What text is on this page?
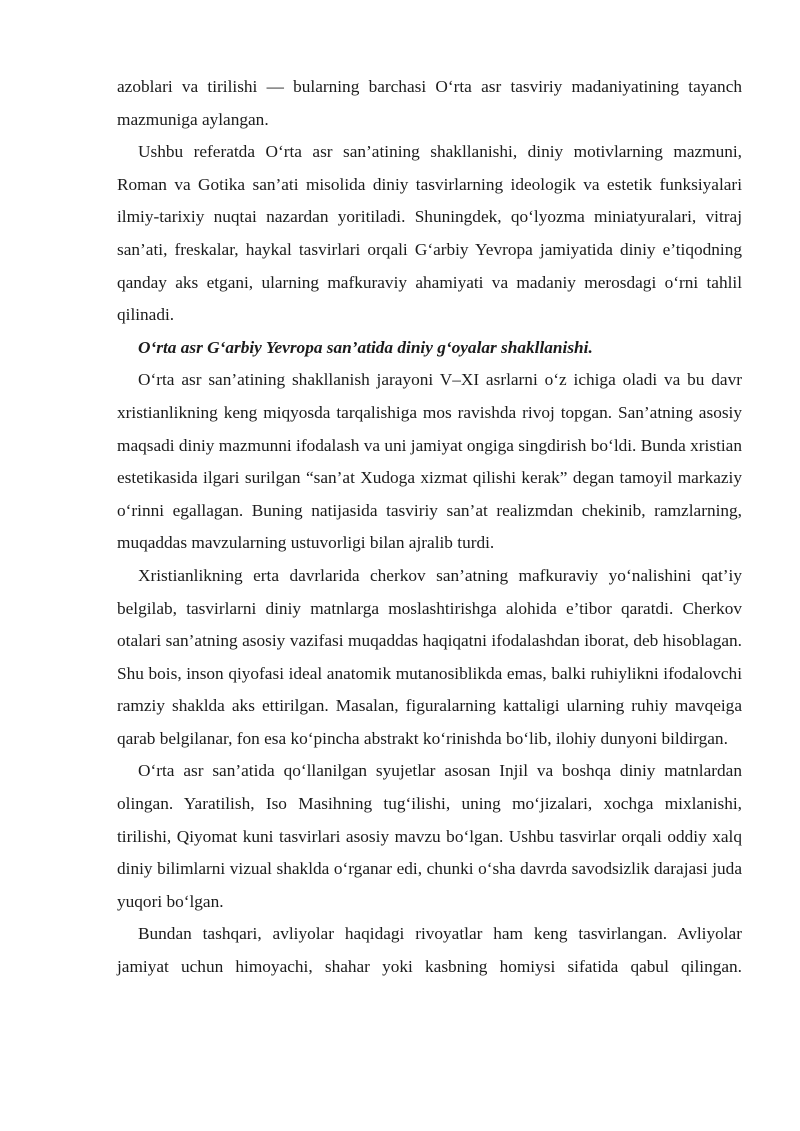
azoblari va tirilishi — bularning barchasi O‘rta asr tasviriy madaniyatining tayanch mazmuniga aylangan.

Ushbu referatda O‘rta asr san’atining shakllanishi, diniy motivlarning mazmuni, Roman va Gotika san’ati misolida diniy tasvirlarning ideologik va estetik funksiyalari ilmiy-tarixiy nuqtai nazardan yoritiladi. Shuningdek, qo‘lyozma miniatyuralari, vitraj san’ati, freskalar, haykal tasvirlari orqali G‘arbiy Yevropa jamiyatida diniy e’tiqodning qanday aks etgani, ularning mafkuraviy ahamiyati va madaniy merosdagi o‘rni tahlil qilinadi.

O‘rta asr G‘arbiy Yevropa san’atida diniy g‘oyalar shakllanishi.

O‘rta asr san’atining shakllanish jarayoni V–XI asrlarni o‘z ichiga oladi va bu davr xristianlikning keng miqyosda tarqalishiga mos ravishda rivoj topgan. San’atning asosiy maqsadi diniy mazmunni ifodalash va uni jamiyat ongiga singdirish bo‘ldi. Bunda xristian estetikasida ilgari surilgan “san’at Xudoga xizmat qilishi kerak” degan tamoyil markaziy o‘rinni egallagan. Buning natijasida tasviriy san’at realizmdan chekinib, ramzlarning, muqaddas mavzularning ustuvorligi bilan ajralib turdi.

Xristianlikning erta davrlarida cherkov san’atning mafkuraviy yo‘nalishini qat’iy belgilab, tasvirlarni diniy matnlarga moslashtirishga alohida e’tibor qaratdi. Cherkov otalari san’atning asosiy vazifasi muqaddas haqiqatni ifodalashdan iborat, deb hisoblagan. Shu bois, inson qiyofasi ideal anatomik mutanosiblikda emas, balki ruhiylikni ifodalovchi ramziy shaklda aks ettirilgan. Masalan, figuralarning kattaligi ularning ruhiy mavqeiga qarab belgilanar, fon esa ko‘pincha abstrakt ko‘rinishda bo‘lib, ilohiy dunyoni bildirgan.

O‘rta asr san’atida qo‘llanilgan syujetlar asosan Injil va boshqa diniy matnlardan olingan. Yaratilish, Iso Masihning tug‘ilishi, uning mo‘jizalari, xochga mixlanishi, tirilishi, Qiyomat kuni tasvirlari asosiy mavzu bo‘lgan. Ushbu tasvirlar orqali oddiy xalq diniy bilimlarni vizual shaklda o‘rganar edi, chunki o‘sha davrda savodsizlik darajasi juda yuqori bo‘lgan.

Bundan tashqari, avliyolar haqidagi rivoyatlar ham keng tasvirlangan. Avliyolar jamiyat uchun himoyachi, shahar yoki kasbning homiysi sifatida qabul qilingan.
